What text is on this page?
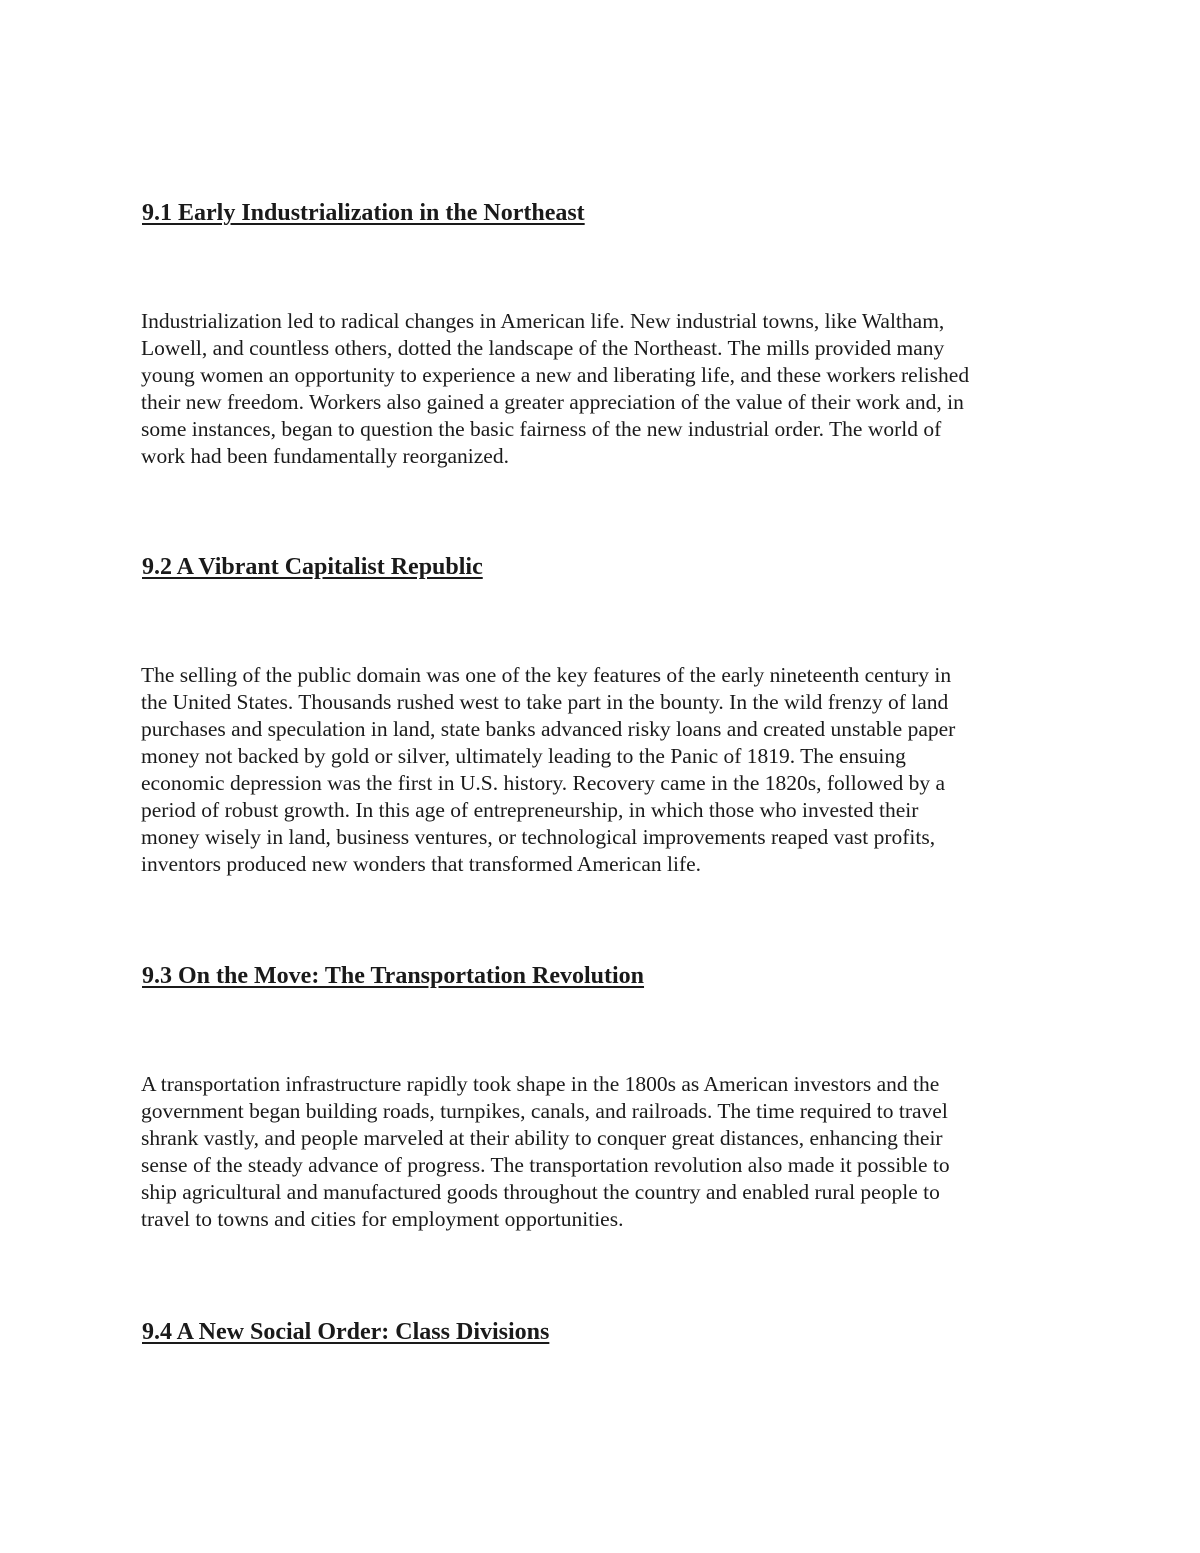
9.1 Early Industrialization in the Northeast

Industrialization led to radical changes in American life. New industrial towns, like Waltham,
Lowell, and countless others, dotted the landscape of the Northeast. The mills provided many
young women an opportunity to experience a new and liberating life, and these workers relished
their new freedom. Workers also gained a greater appreciation of the value of their work and, in
some instances, began to question the basic fairness of the new industrial order. The world of
work had been fundamentally reorganized.

9.2 A Vibrant Capitalist Republic

The selling of the public domain was one of the key features of the early nineteenth century in
the United States. Thousands rushed west to take part in the bounty. In the wild frenzy of land
purchases and speculation in land, state banks advanced risky loans and created unstable paper
money not backed by gold or silver, ultimately leading to the Panic of 1819. The ensuing
economic depression was the first in U.S. history. Recovery came in the 1820s, followed by a
period of robust growth. In this age of entrepreneurship, in which those who invested their
money wisely in land, business ventures, or technological improvements reaped vast profits,
inventors produced new wonders that transformed American life.

9.3 On the Move: The Transportation Revolution

A transportation infrastructure rapidly took shape in the 1800s as American investors and the
government began building roads, turnpikes, canals, and railroads. The time required to travel
shrank vastly, and people marveled at their ability to conquer great distances, enhancing their
sense of the steady advance of progress. The transportation revolution also made it possible to
ship agricultural and manufactured goods throughout the country and enabled rural people to
travel to towns and cities for employment opportunities.

9.4 A New Social Order: Class Divisions
